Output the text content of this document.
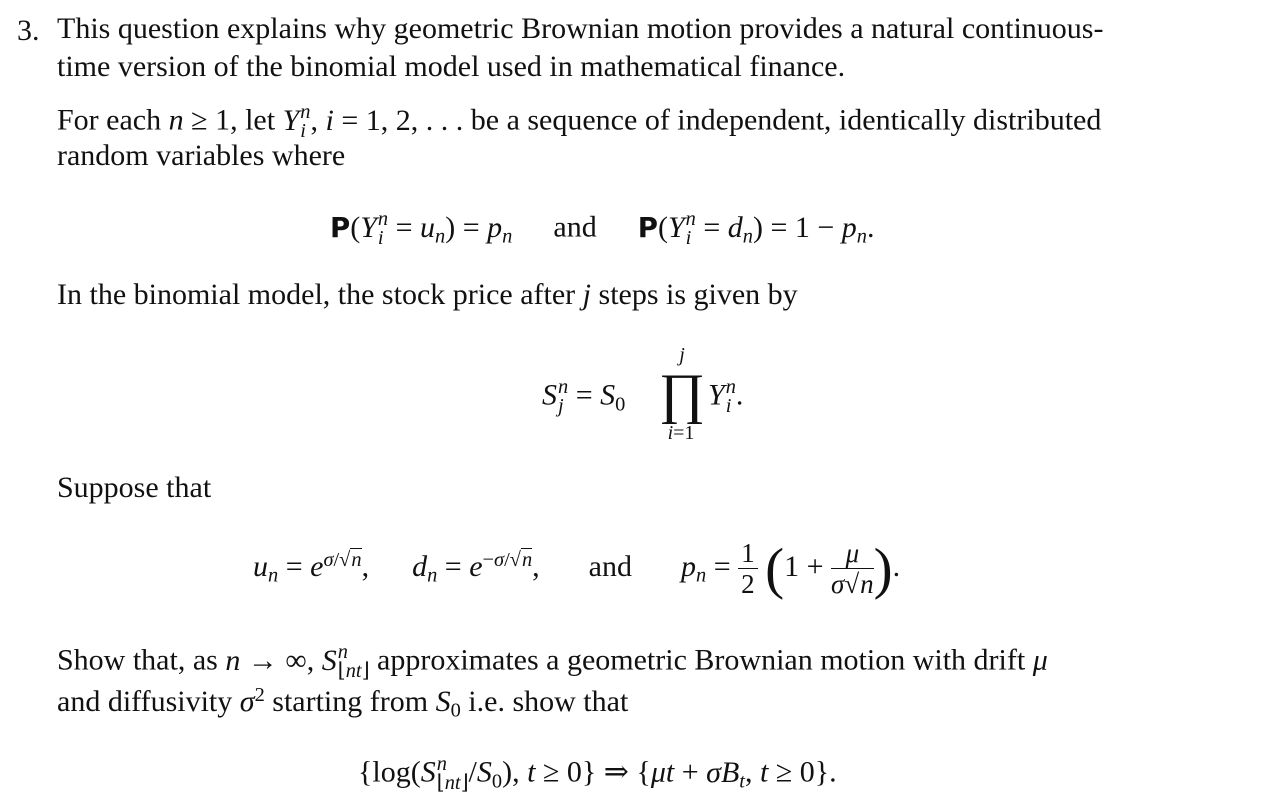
3. This question explains why geometric Brownian motion provides a natural continuous-
time version of the binomial model used in mathematical finance.
For each n ≥ 1, let Y n
i , i = 1, 2, . . . be a sequence of independent, identically distributed
random variables where
P(Y n
$i = u_n) = p_n$ and P(Y n
$i = d_n) = 1 - p_n$.
In the binomial model, the stock price after j steps is given by
S n
$j = S_0$
j
∏
i=1
Y n
i .
Suppose that
$u_n = e^{\sigma/√n}$, $d_n = e^{-\sigma/√n}$, and $p_n = \frac{1}{2} (1 + \frac{\mu}{\sigma√n}$ ).
Show that, as n → ∞, S n
⌊nt⌋ approximates a geometric Brownian motion with drift μ
and diffusivity $\sigma^2$ starting from $S_0$ i.e. show that
{log(S n
⌊nt⌋ $/S_0$), t ≥ 0} ⇒ {$\mu t + \sigma B_t$, t ≥ 0}.
